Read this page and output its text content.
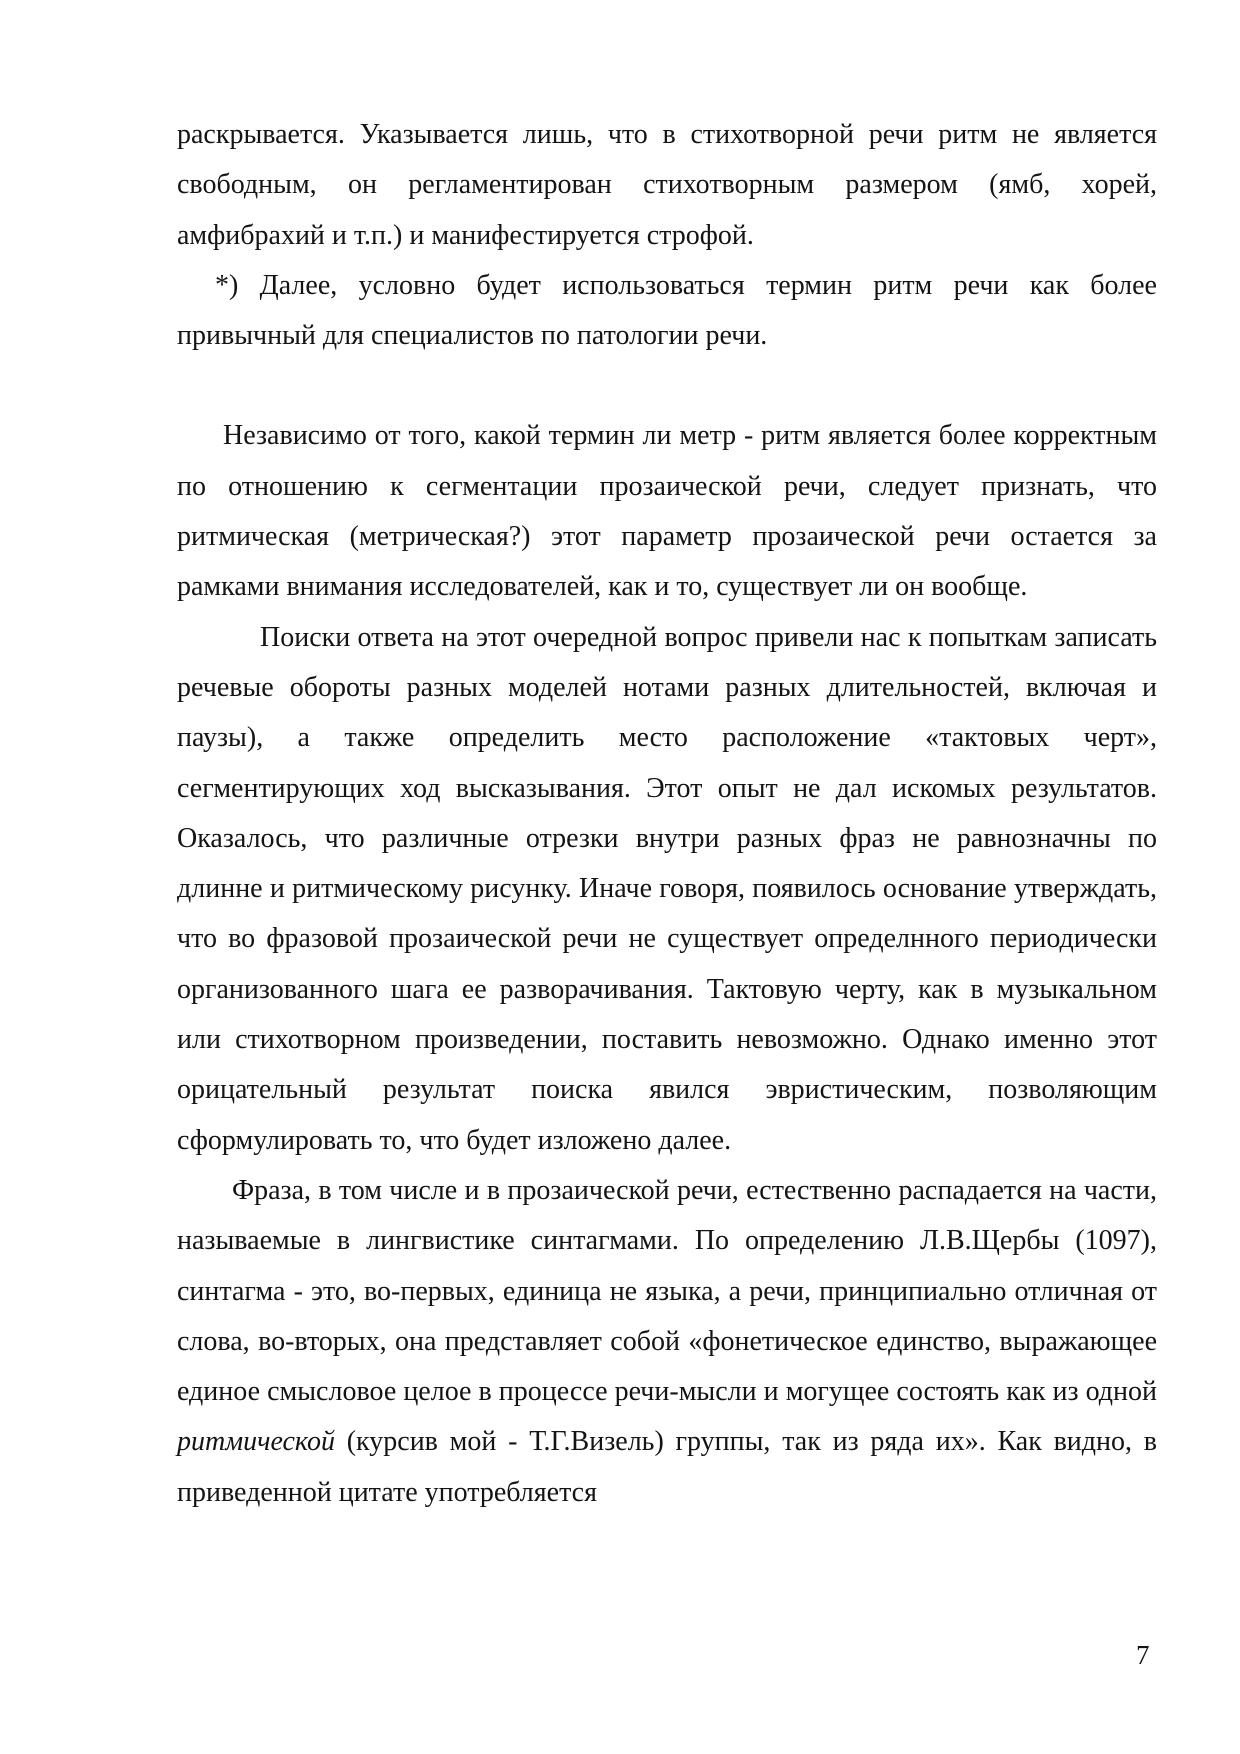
раскрывается. Указывается лишь, что в стихотворной речи ритм не является свободным, он регламентирован стихотворным размером (ямб, хорей, амфибрахий и т.п.) и манифестируется строфой.

*) Далее, условно будет использоваться термин ритм речи как более привычный для специалистов по патологии речи.

Независимо от того, какой термин ли метр - ритм является более корректным по отношению к сегментации прозаической речи, следует признать, что ритмическая (метрическая?) этот параметр прозаической речи остается за рамками внимания исследователей, как и то, существует ли он вообще.

Поиски ответа на этот очередной вопрос привели нас к попыткам записать речевые обороты разных моделей нотами разных длительностей, включая и паузы), а также определить место расположение «тактовых черт», сегментирующих ход высказывания. Этот опыт не дал искомых результатов. Оказалось, что различные отрезки внутри разных фраз не равнозначны по длинне и ритмическому рисунку. Иначе говоря, появилось основание утверждать, что во фразовой прозаической речи не существует определнного периодически организованного шага ее разворачивания. Тактовую черту, как в музыкальном или стихотворном произведении, поставить невозможно. Однако именно этот орицательный результат поиска явился эвристическим, позволяющим сформулировать то, что будет изложено далее.

Фраза, в том числе и в прозаической речи, естественно распадается на части, называемые в лингвистике синтагмами. По определению Л.В.Щербы (1097), синтагма - это, во-первых, единица не языка, а речи, принципиально отличная от слова, во-вторых, она представляет собой «фонетическое единство, выражающее единое смысловое целое в процессе речи-мысли и могущее состоять как из одной ритмической (курсив мой - Т.Г.Визель) группы, так из ряда их». Как видно, в приведенной цитате употребляется

7
